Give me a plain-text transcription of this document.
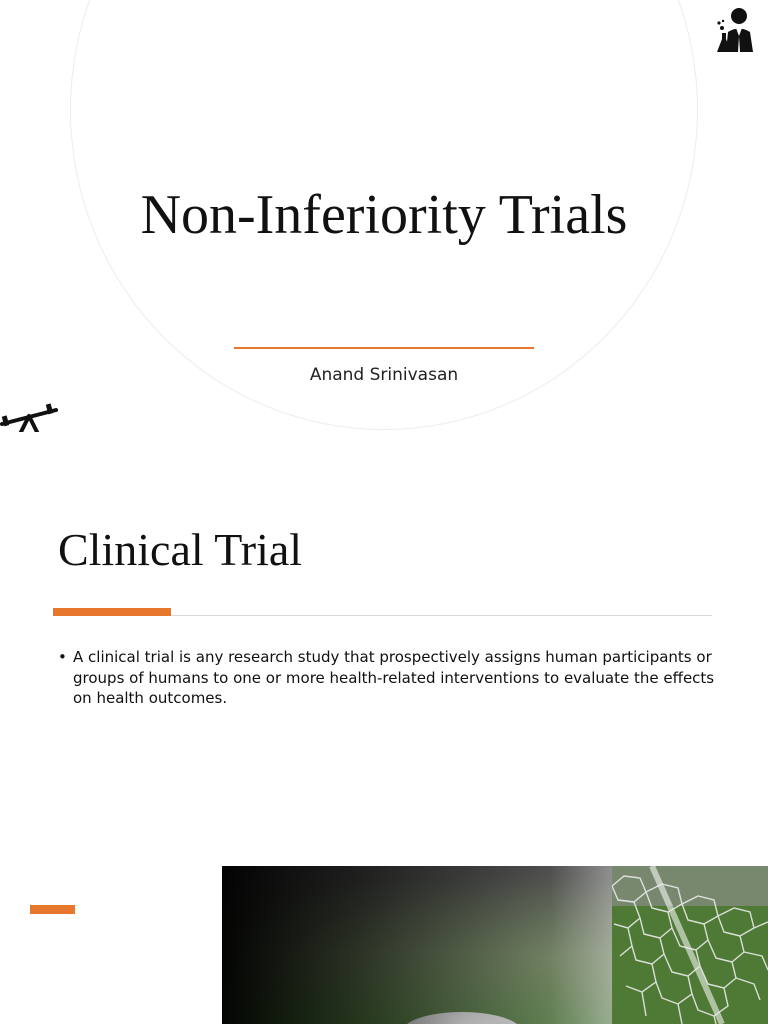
Non-Inferiority Trials
Anand Srinivasan
Clinical Trial
• A clinical trial is any research study that prospectively assigns human participants or groups of humans to one or more health-related interventions to evaluate the effects on health outcomes.
